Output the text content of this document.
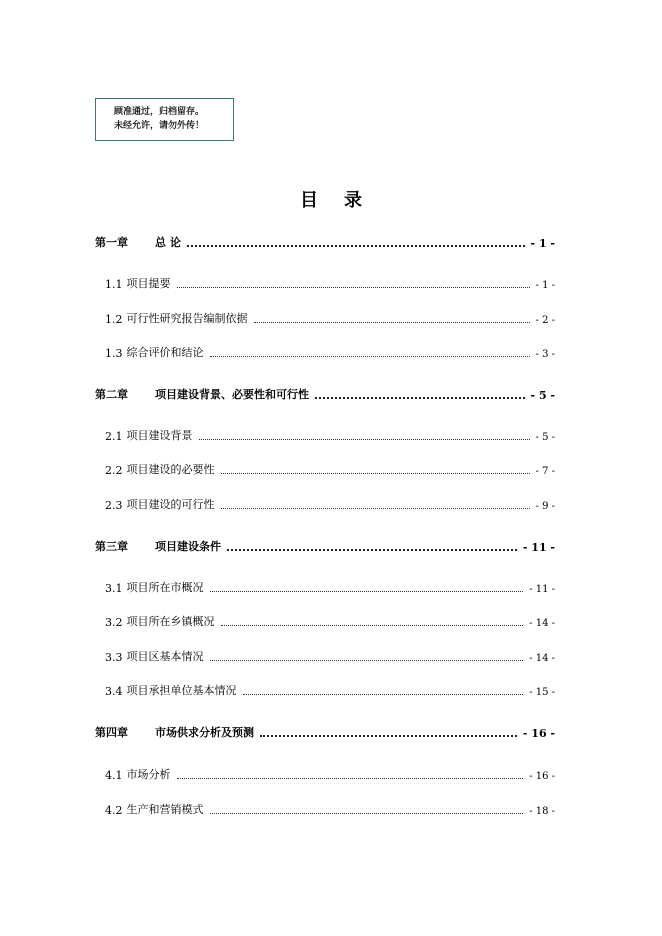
顾准通过，归档留存。
未经允许，请勿外传！
目录
第一章	总 论	- 1 -
1.1 项目提要	- 1 -
1.2 可行性研究报告编制依据	- 2 -
1.3 综合评价和结论	- 3 -
第二章	项目建设背景、必要性和可行性	- 5 -
2.1 项目建设背景	- 5 -
2.2 项目建设的必要性	- 7 -
2.3 项目建设的可行性	- 9 -
第三章	项目建设条件	- 11 -
3.1 项目所在市概况	- 11 -
3.2 项目所在乡镇概况	- 14 -
3.3 项目区基本情况	- 14 -
3.4 项目承担单位基本情况	- 15 -
第四章	市场供求分析及预测	- 16 -
4.1 市场分析	- 16 -
4.2 生产和营销模式	- 18 -
